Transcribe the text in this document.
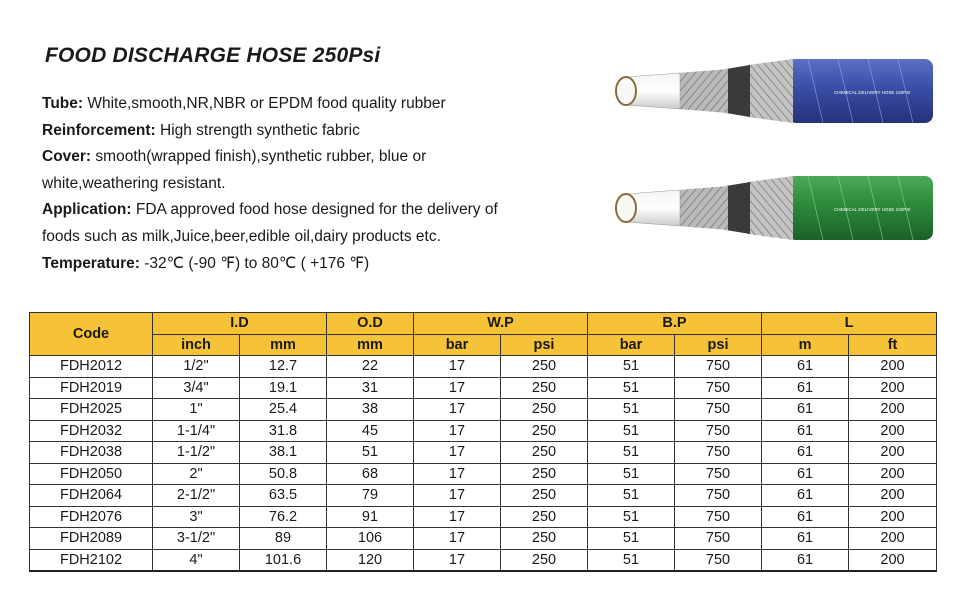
FOOD DISCHARGE HOSE 250Psi
Tube: White,smooth,NR,NBR or EPDM food quality rubber
Reinforcement: High strength synthetic fabric
Cover: smooth(wrapped finish),synthetic rubber, blue or
white,weathering resistant.
Application: FDA approved food hose designed for the delivery of
foods such as milk,Juice,beer,edible oil,dairy products etc.
Temperature: -32℃ (-90 ℉) to 80℃ ( +176 ℉)
CHEMICAL DELIVERY HOSE 150PSI
CHEMICAL DELIVERY HOSE 150PSI
Code	I.D		O.D	W.P		B.P		L	
	inch	mm	mm	bar	psi	bar	psi	m	ft
FDH2012	1/2"	12.7	22	17	250	51	750	61	200
FDH2019	3/4"	19.1	31	17	250	51	750	61	200
FDH2025	1"	25.4	38	17	250	51	750	61	200
FDH2032	1-1/4"	31.8	45	17	250	51	750	61	200
FDH2038	1-1/2"	38.1	51	17	250	51	750	61	200
FDH2050	2"	50.8	68	17	250	51	750	61	200
FDH2064	2-1/2"	63.5	79	17	250	51	750	61	200
FDH2076	3"	76.2	91	17	250	51	750	61	200
FDH2089	3-1/2"	89	106	17	250	51	750	61	200
FDH2102	4"	101.6	120	17	250	51	750	61	200
